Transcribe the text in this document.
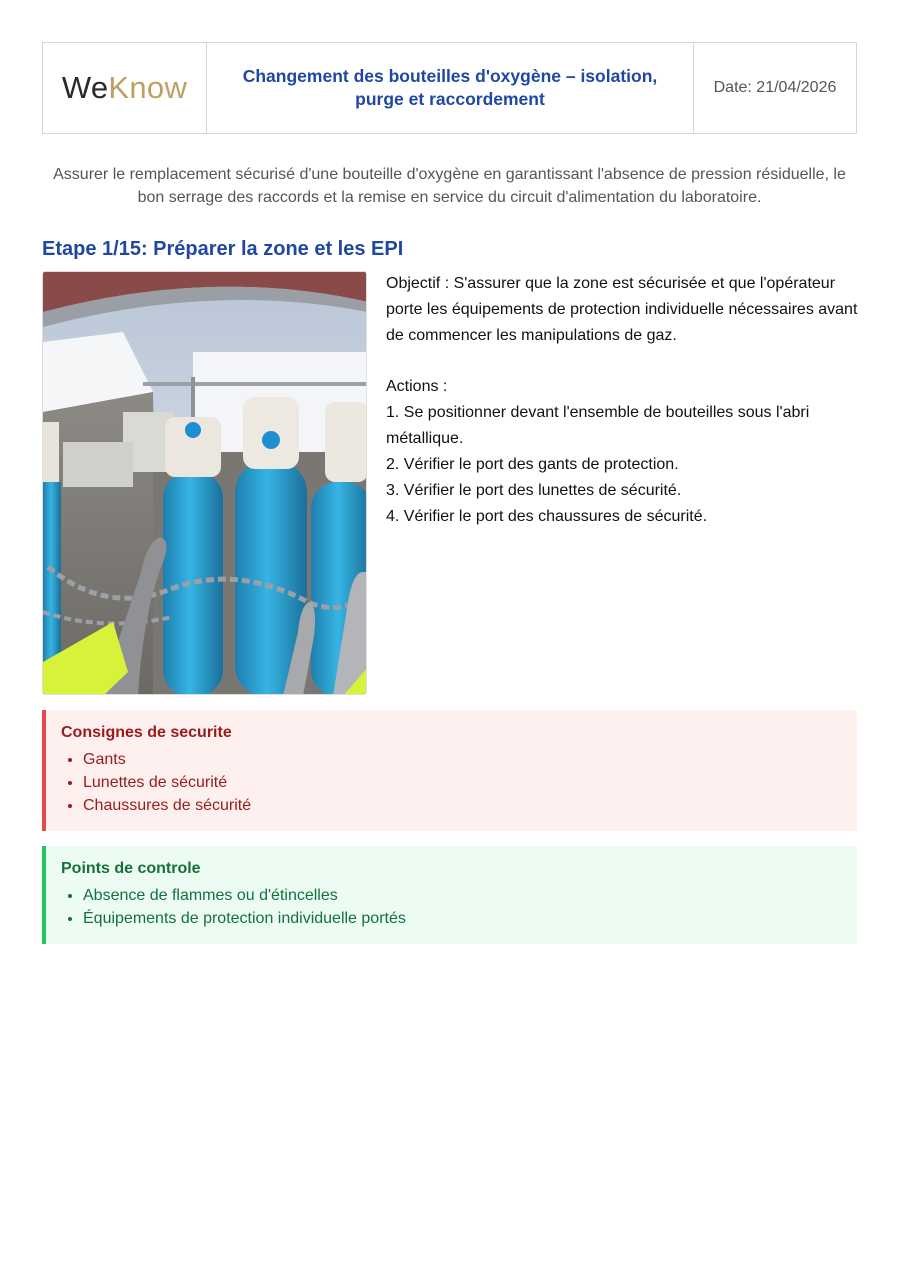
WeKnow	Changement des bouteilles d'oxygène – isolation, purge et raccordement
Date: 21/04/2026
Assurer le remplacement sécurisé d'une bouteille d'oxygène en garantissant l'absence de pression résiduelle, le bon serrage des raccords et la remise en service du circuit d'alimentation du laboratoire.
Etape 1/15: Préparer la zone et les EPI

Objectif : S'assurer que la zone est sécurisée et que l'opérateur porte les équipements de protection individuelle nécessaires avant de commencer les manipulations de gaz.

Actions :

1. Se positionner devant l'ensemble de bouteilles sous l'abri métallique.

2. Vérifier le port des gants de protection.

3. Vérifier le port des lunettes de sécurité.

4. Vérifier le port des chaussures de sécurité.

Consignes de securite
• Gants
• Lunettes de sécurité
• Chaussures de sécurité
Points de controle
• Absence de flammes ou d'étincelles
• Équipements de protection individuelle portés
